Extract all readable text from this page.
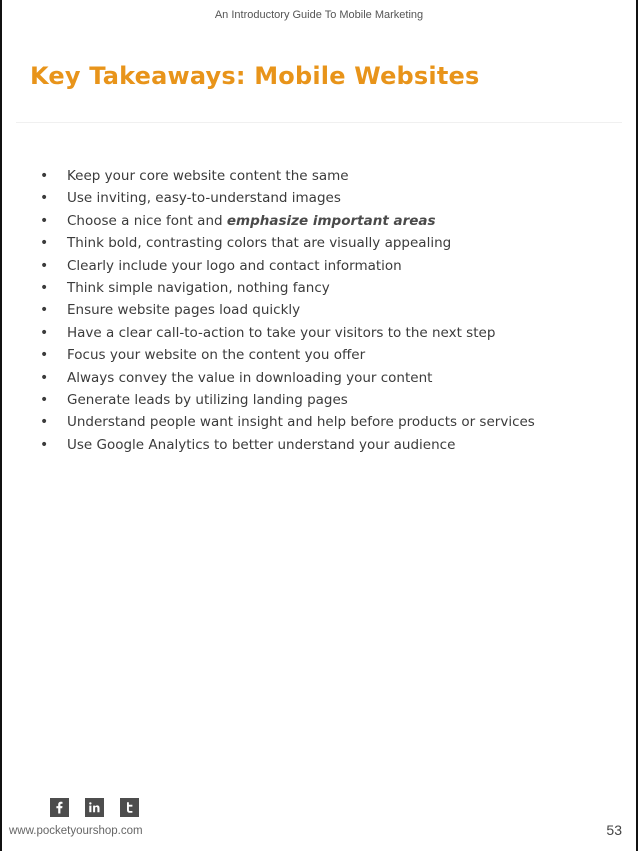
An Introductory Guide To Mobile Marketing
Key Takeaways: Mobile Websites
• Keep your core website content the same
• Use inviting, easy-to-understand images
• Choose a nice font and emphasize important areas
• Think bold, contrasting colors that are visually appealing
• Clearly include your logo and contact information
• Think simple navigation, nothing fancy
• Ensure website pages load quickly
• Have a clear call-to-action to take your visitors to the next step
• Focus your website on the content you offer
• Always convey the value in downloading your content
• Generate leads by utilizing landing pages
• Understand people want insight and help before products or services
• Use Google Analytics to better understand your audience
www.pocketyourshop.com	53
